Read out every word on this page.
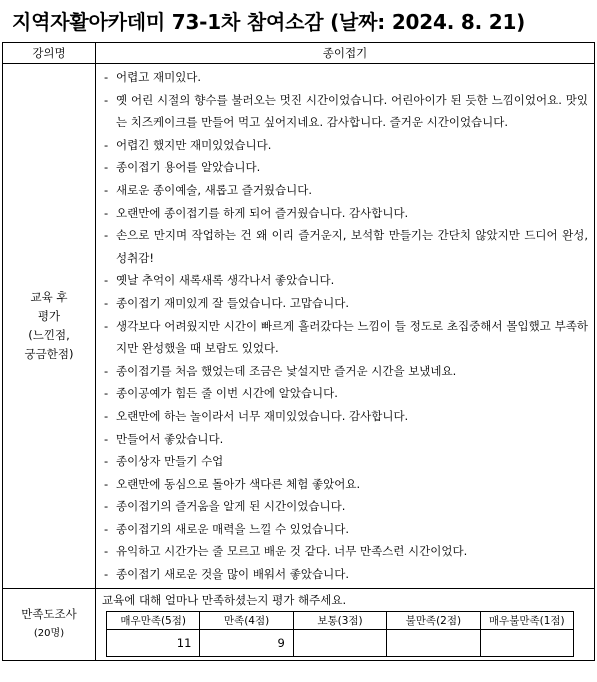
지역자활아카데미 73-1차 참여소감 (날짜: 2024. 8. 21)
강의명	종이접기

교육 후
평가
(느낀점,
궁금한점)

- 어렵고 재미있다.
- 옛 어린 시절의 향수를 불러오는 멋진 시간이었습니다. 어린아이가 된 듯한 느낌이었어요. 맛있는 치즈케이크를 만들어 먹고 싶어지네요. 감사합니다. 즐거운 시간이었습니다.
- 어렵긴 했지만 재미있었습니다.
- 종이접기 용어를 알았습니다.
- 새로운 종이예술, 새롭고 즐거웠습니다.
- 오랜만에 종이접기를 하게 되어 즐거웠습니다. 감사합니다.
- 손으로 만지며 작업하는 건 왜 이리 즐거운지, 보석함 만들기는 간단치 않았지만 드디어 완성, 성취감!
- 옛날 추억이 새록새록 생각나서 좋았습니다.
- 종이접기 재미있게 잘 들었습니다. 고맙습니다.
- 생각보다 어려웠지만 시간이 빠르게 흘러갔다는 느낌이 들 정도로 초집중해서 몰입했고 부족하지만 완성했을 때 보람도 있었다.
- 종이접기를 처음 했었는데 조금은 낯설지만 즐거운 시간을 보냈네요.
- 종이공예가 힘든 줄 이번 시간에 알았습니다.
- 오랜만에 하는 놀이라서 너무 재미있었습니다. 감사합니다.
- 만들어서 좋았습니다.
- 종이상자 만들기 수업
- 오랜만에 동심으로 돌아가 색다른 체험 좋았어요.
- 종이접기의 즐거움을 알게 된 시간이었습니다.
- 종이접기의 새로운 매력을 느낄 수 있었습니다.
- 유익하고 시간가는 줄 모르고 배운 것 같다. 너무 만족스런 시간이었다.
- 종이접기 새로운 것을 많이 배워서 좋았습니다.

만족도조사
(20명)

교육에 대해 얼마나 만족하셨는지 평가 해주세요.
매우만족(5점)	만족(4점)	보통(3점)	불만족(2점)	매우불만족(1점)
11	9			
